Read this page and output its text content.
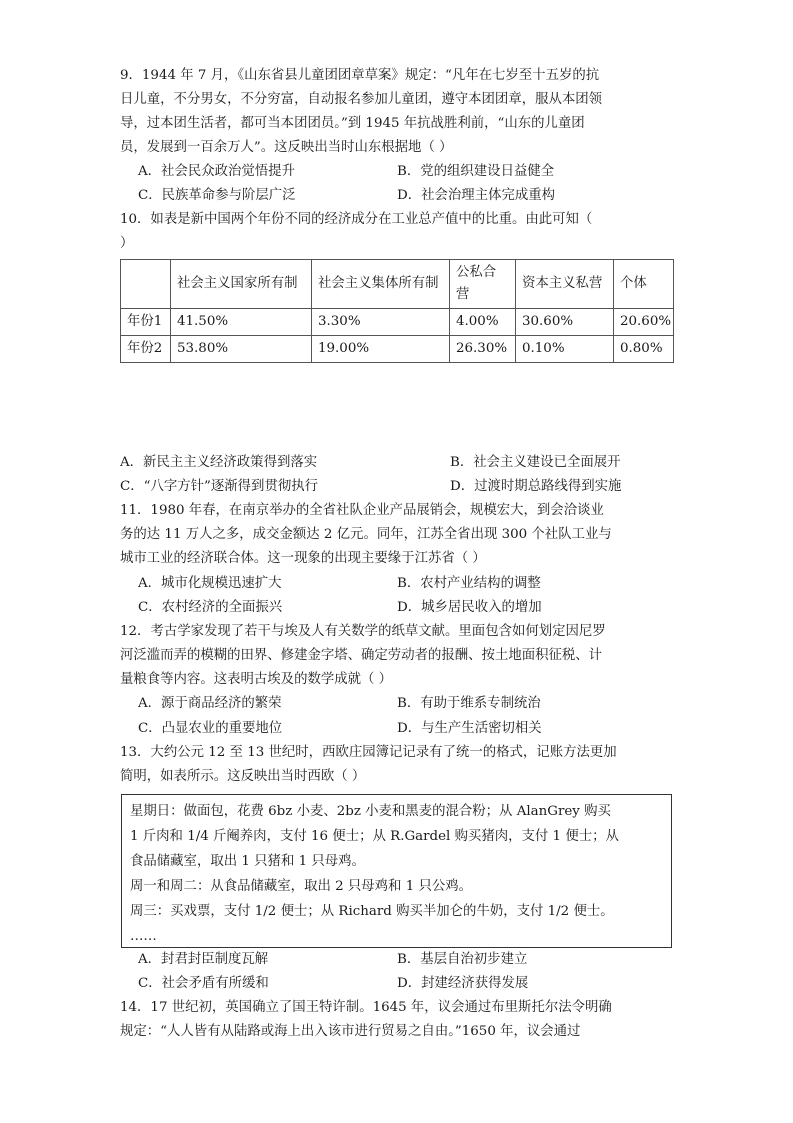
9．1944 年 7 月，《山东省县儿童团团章草案》规定：“凡年在七岁至十五岁的抗
日儿童，不分男女，不分穷富，自动报名参加儿童团，遵守本团团章，服从本团领
导，过本团生活者，都可当本团团员。”到 1945 年抗战胜利前，“山东的儿童团
员，发展到一百余万人”。这反映出当时山东根据地（ ）
A．社会民众政治觉悟提升	B．党的组织建设日益健全
C．民族革命参与阶层广泛	D．社会治理主体完成重构
10．如表是新中国两个年份不同的经济成分在工业总产值中的比重。由此可知（
）
	社会主义国家所有制	社会主义集体所有制	公私合营	资本主义私营	个体
年份1	41.50%	3.30%	4.00%	30.60%	20.60%
年份2	53.80%	19.00%	26.30%	0.10%	0.80%
A．新民主主义经济政策得到落实	B．社会主义建设已全面展开
C．“八字方针”逐渐得到贯彻执行	D．过渡时期总路线得到实施
11．1980 年春，在南京举办的全省社队企业产品展销会，规模宏大，到会洽谈业
务的达 11 万人之多，成交金额达 2 亿元。同年，江苏全省出现 300 个社队工业与
城市工业的经济联合体。这一现象的出现主要缘于江苏省（ ）
A．城市化规模迅速扩大	B．农村产业结构的调整
C．农村经济的全面振兴	D．城乡居民收入的增加
12．考古学家发现了若干与埃及人有关数学的纸草文献。里面包含如何划定因尼罗
河泛滥而弄的模糊的田界、修建金字塔、确定劳动者的报酬、按土地面积征税、计
量粮食等内容。这表明古埃及的数学成就（ ）
A．源于商品经济的繁荣	B．有助于维系专制统治
C．凸显农业的重要地位	D．与生产生活密切相关
13．大约公元 12 至 13 世纪时，西欧庄园簿记记录有了统一的格式，记账方法更加
简明，如表所示。这反映出当时西欧（ ）
星期日：做面包，花费 6bz 小麦、2bz 小麦和黑麦的混合粉；从 AlanGrey 购买
1 斤肉和 1/4 斤阉养肉，支付 16 便士；从 R.Gardel 购买猪肉，支付 1 便士；从
食品储藏室，取出 1 只猪和 1 只母鸡。
周一和周二：从食品储藏室，取出 2 只母鸡和 1 只公鸡。
周三：买戏票，支付 1/2 便士；从 Richard 购买半加仑的牛奶，支付 1/2 便士。
……
A．封君封臣制度瓦解	B．基层自治初步建立
C．社会矛盾有所缓和	D．封建经济获得发展
14．17 世纪初，英国确立了国王特许制。1645 年，议会通过布里斯托尔法令明确
规定：“人人皆有从陆路或海上出入该市进行贸易之自由。”1650 年，议会通过
